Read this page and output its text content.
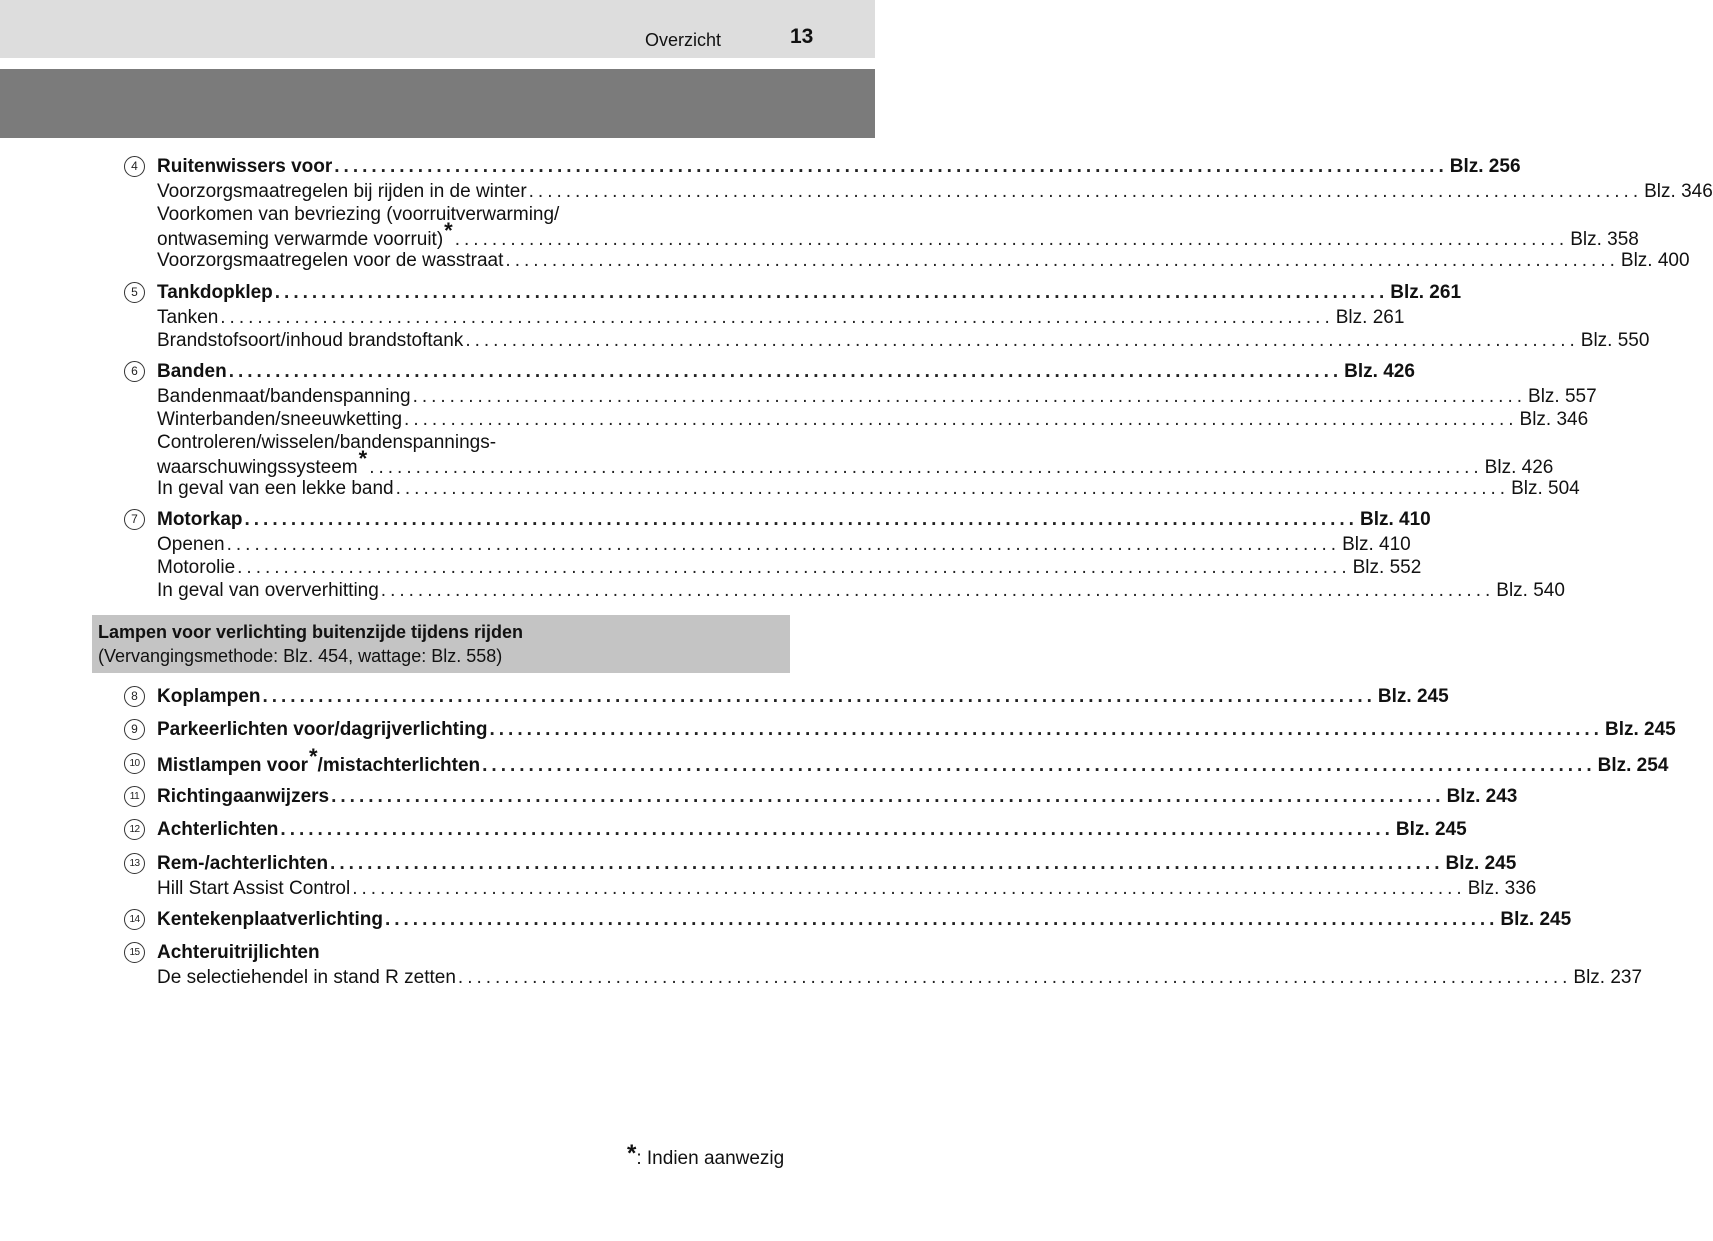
Overzicht	13
4	Ruitenwissers voor ........................................................................................................................ Blz. 256
Voorzorgsmaatregelen bij rijden in de winter ........................................................................................................................ Blz. 346
Voorkomen van bevriezing (voorruitverwarming/
ontwaseming verwarmde voorruit) * ........................................................................................................................ Blz. 358
Voorzorgsmaatregelen voor de wasstraat ........................................................................................................................ Blz. 400
5	Tankdopklep ........................................................................................................................ Blz. 261
Tanken ........................................................................................................................ Blz. 261
Brandstofsoort/inhoud brandstoftank ........................................................................................................................ Blz. 550
6	Banden ........................................................................................................................ Blz. 426
Bandenmaat/bandenspanning ........................................................................................................................ Blz. 557
Winterbanden/sneeuwketting ........................................................................................................................ Blz. 346
Controleren/wisselen/bandenspannings-
waarschuwingssysteem * ........................................................................................................................ Blz. 426
In geval van een lekke band ........................................................................................................................ Blz. 504
7	Motorkap ........................................................................................................................ Blz. 410
Openen ........................................................................................................................ Blz. 410
Motorolie ........................................................................................................................ Blz. 552
In geval van oververhitting ........................................................................................................................ Blz. 540
Lampen voor verlichting buitenzijde tijdens rijden
(Vervangingsmethode: Blz. 454, wattage: Blz. 558)
8	Koplampen ........................................................................................................................ Blz. 245
9	Parkeerlichten voor/dagrijverlichting ........................................................................................................................ Blz. 245
10 Mistlampen voor * /mistachterlichten ........................................................................................................................ Blz. 254
11 Richtingaanwijzers ........................................................................................................................ Blz. 243
12 Achterlichten ........................................................................................................................ Blz. 245
13 Rem-/achterlichten ........................................................................................................................ Blz. 245
Hill Start Assist Control ........................................................................................................................ Blz. 336
14 Kentekenplaatverlichting ........................................................................................................................ Blz. 245
15 Achteruitrijlichten
De selectiehendel in stand R zetten ........................................................................................................................ Blz. 237
*: Indien aanwezig
